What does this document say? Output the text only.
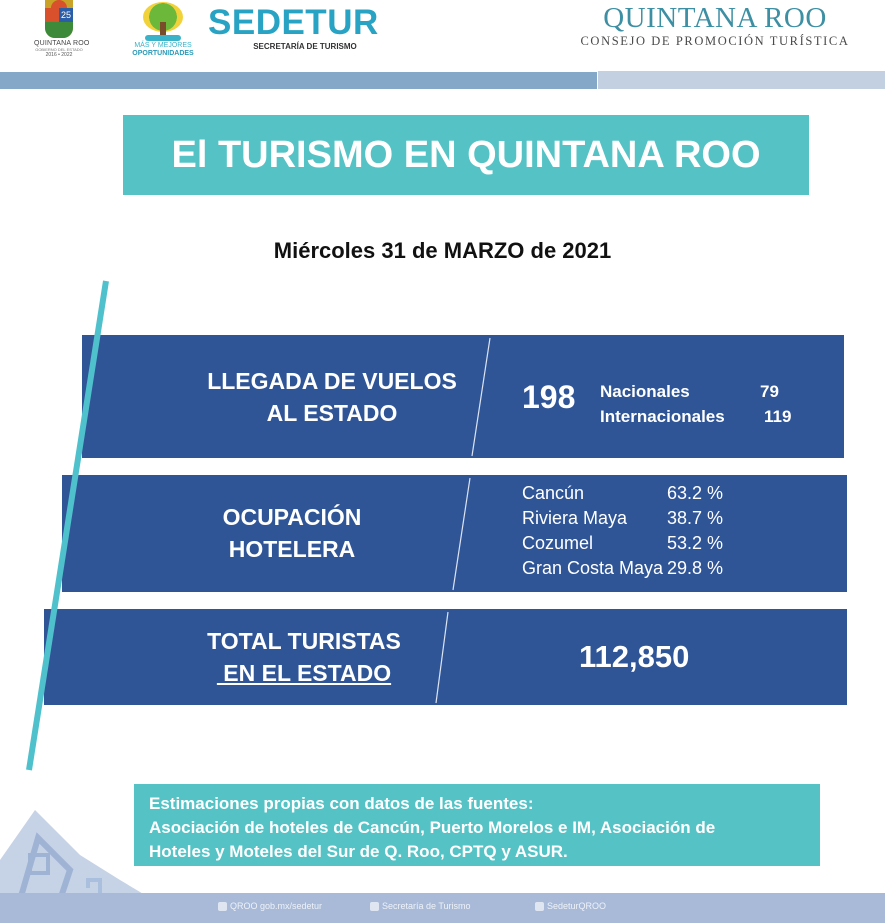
25
QUINTANA ROO
GOBIERNO DEL ESTADO
2016 • 2022
MÁS Y MEJORES
OPORTUNIDADES
SEDETUR
SECRETARÍA DE TURISMO
QUINTANA ROO
CONSEJO DE PROMOCIÓN TURÍSTICA
El TURISMO EN QUINTANA ROO
Miércoles 31 de MARZO de 2021
LLEGADA DE VUELOS
AL ESTADO	198 Nacionales	79
Internacionales	119
OCUPACIÓN
HOTELERA
Cancún	63.2 %
Riviera Maya	38.7 %
Cozumel	53.2 %
Gran Costa Maya 29.8 %
TOTAL TURISTAS
EN EL ESTADO	112,850
Estimaciones propias con datos de las fuentes:
Asociación de hoteles de Cancún, Puerto Morelos e IM, Asociación de
Hoteles y Moteles del Sur de Q. Roo, CPTQ y ASUR.
QROO gob.mx/sedetur	Secretaría de Turismo	SedeturQROO
